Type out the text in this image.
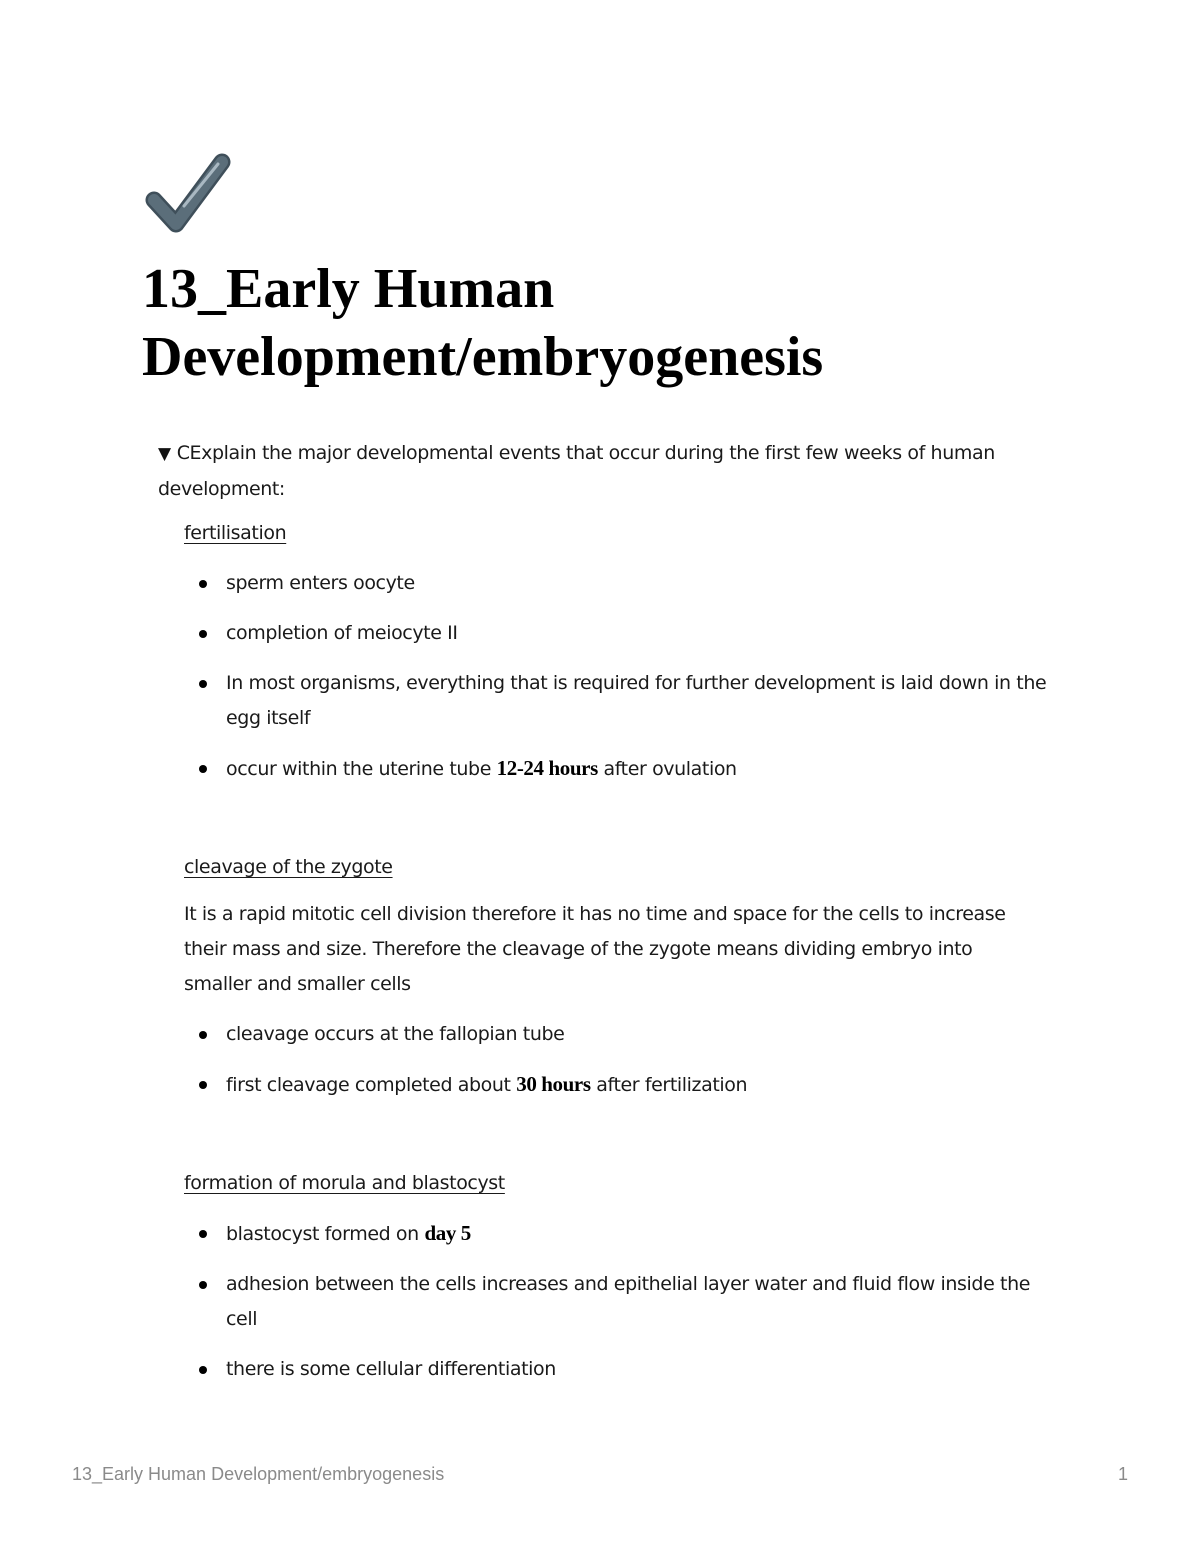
13_Early Human Development/embryogenesis
▼ CExplain the major developmental events that occur during the first few weeks of human development:

fertilisation

sperm enters oocyte
completion of meiocyte II
In most organisms, everything that is required for further development is laid down in the egg itself
occur within the uterine tube 12-24 hours after ovulation

cleavage of the zygote

It is a rapid mitotic cell division therefore it has no time and space for the cells to increase their mass and size. Therefore the cleavage of the zygote means dividing embryo into smaller and smaller cells

cleavage occurs at the fallopian tube
first cleavage completed about 30 hours after fertilization

formation of morula and blastocyst

blastocyst formed on day 5
adhesion between the cells increases and epithelial layer water and fluid flow inside the cell
there is some cellular differentiation
13_Early Human Development/embryogenesis	1
